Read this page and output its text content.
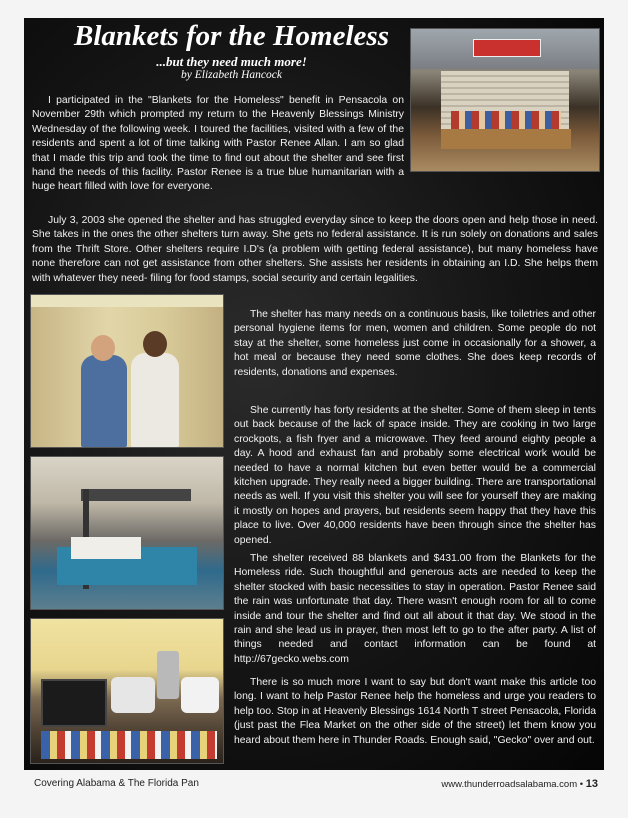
Blankets for the Homeless
...but they need much more!
by Elizabeth Hancock

I participated in the "Blankets for the Homeless" benefit in Pensacola on November 29th which prompted my return to the Heavenly Blessings Ministry Wednesday of the following week. I toured the facilities, visited with a few of the residents and spent a lot of time talking with Pastor Renee Allan. I am so glad that I made this trip and took the time to find out about the shelter and see first hand the needs of this facility. Pastor Renee is a true blue humanitarian with a huge heart filled with love for everyone.

July 3, 2003 she opened the shelter and has struggled everyday since to keep the doors open and help those in need. She takes in the ones the other shelters turn away. She gets no federal assistance. It is run solely on donations and sales from the Thrift Store. Other shelters require I.D's (a problem with getting federal assistance), but many homeless have none therefore can not get assistance from other shelters. She assists her residents in obtaining an I.D. She helps them with whatever they need- filing for food stamps, social security and certain legalities.

The shelter has many needs on a continuous basis, like toiletries and other personal hygiene items for men, women and children. Some people do not stay at the shelter, some homeless just come in occasionally for a shower, a hot meal or because they need some clothes. She does keep records of residents, donations and expenses.

She currently has forty residents at the shelter. Some of them sleep in tents out back because of the lack of space inside. They are cooking in two large crockpots, a fish fryer and a microwave. They feed around eighty people a day. A hood and exhaust fan and probably some electrical work would be needed to have a normal kitchen but even better would be a commercial kitchen upgrade. They really need a bigger building. There are transportational needs as well. If you visit this shelter you will see for yourself they are making it mostly on hopes and prayers, but residents seem happy that they have this place to live. Over 40,000 residents have been through since the shelter has opened.

The shelter received 88 blankets and $431.00 from the Blankets for the Homeless ride. Such thoughtful and generous acts are needed to keep the shelter stocked with basic necessities to stay in operation. Pastor Renee said the rain was unfortunate that day. There wasn't enough room for all to come inside and tour the shelter and find out all about it that day. We stood in the rain and she lead us in prayer, then most left to go to the after party. A list of things needed and contact information can be found at http://67gecko.webs.com

There is so much more I want to say but don't want make this article too long. I want to help Pastor Renee help the homeless and urge you readers to help too. Stop in at Heavenly Blessings 1614 North T street Pensacola, Florida (just past the Flea Market on the other side of the street) let them know you heard about them here in Thunder Roads. Enough said, "Gecko" over and out.

Covering Alabama & The Florida Pan	www.thunderroadsalabama.com • 13
